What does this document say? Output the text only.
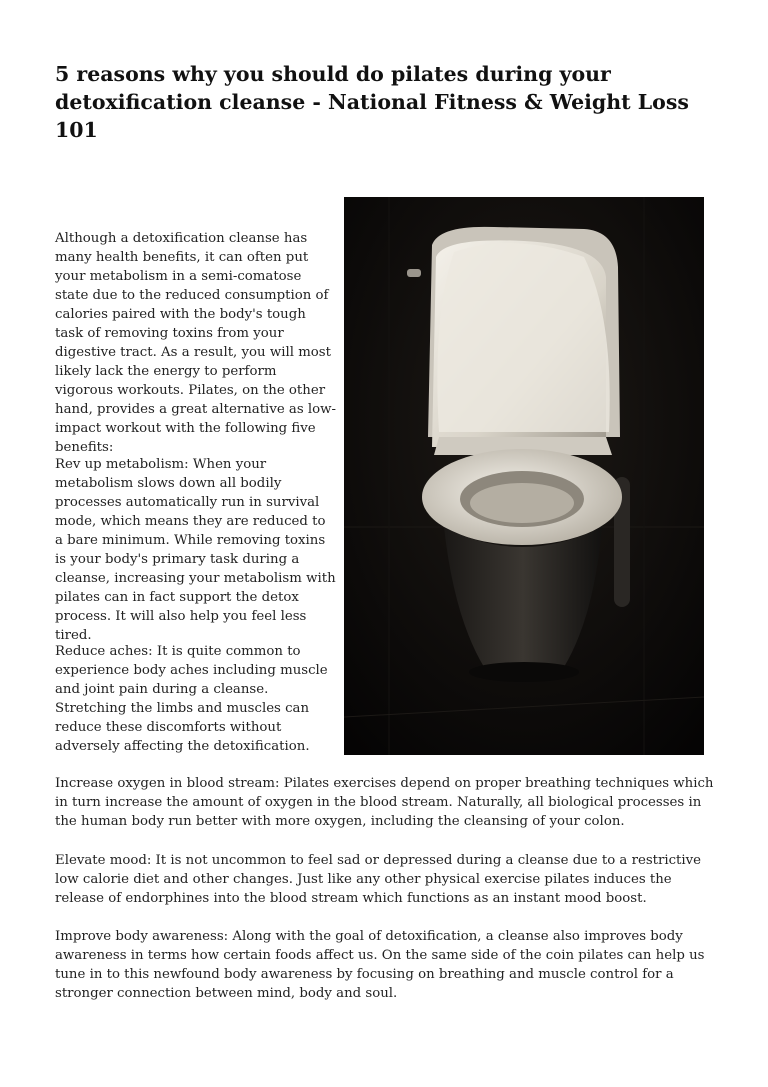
5 reasons why you should do pilates during your detoxification cleanse - National Fitness & Weight Loss 101

Although a detoxification cleanse has many health benefits, it can often put your metabolism in a semi-comatose state due to the reduced consumption of calories paired with the body's tough task of removing toxins from your digestive tract. As a result, you will most likely lack the energy to perform vigorous workouts. Pilates, on the other hand, provides a great alternative as low-impact workout with the following five benefits:

Rev up metabolism: When your metabolism slows down all bodily processes automatically run in survival mode, which means they are reduced to a bare minimum. While removing toxins is your body's primary task during a cleanse, increasing your metabolism with pilates can in fact support the detox process. It will also help you feel less tired.

Reduce aches: It is quite common to experience body aches including muscle and joint pain during a cleanse. Stretching the limbs and muscles can reduce these discomforts without adversely affecting the detoxification.

Increase oxygen in blood stream: Pilates exercises depend on proper breathing techniques which in turn increase the amount of oxygen in the blood stream. Naturally, all biological processes in the human body run better with more oxygen, including the cleansing of your colon.

Elevate mood: It is not uncommon to feel sad or depressed during a cleanse due to a restrictive low calorie diet and other changes. Just like any other physical exercise pilates induces the release of endorphines into the blood stream which functions as an instant mood boost.

Improve body awareness: Along with the goal of detoxification, a cleanse also improves body awareness in terms how certain foods affect us. On the same side of the coin pilates can help us tune in to this newfound body awareness by focusing on breathing and muscle control for a stronger connection between mind, body and soul.
